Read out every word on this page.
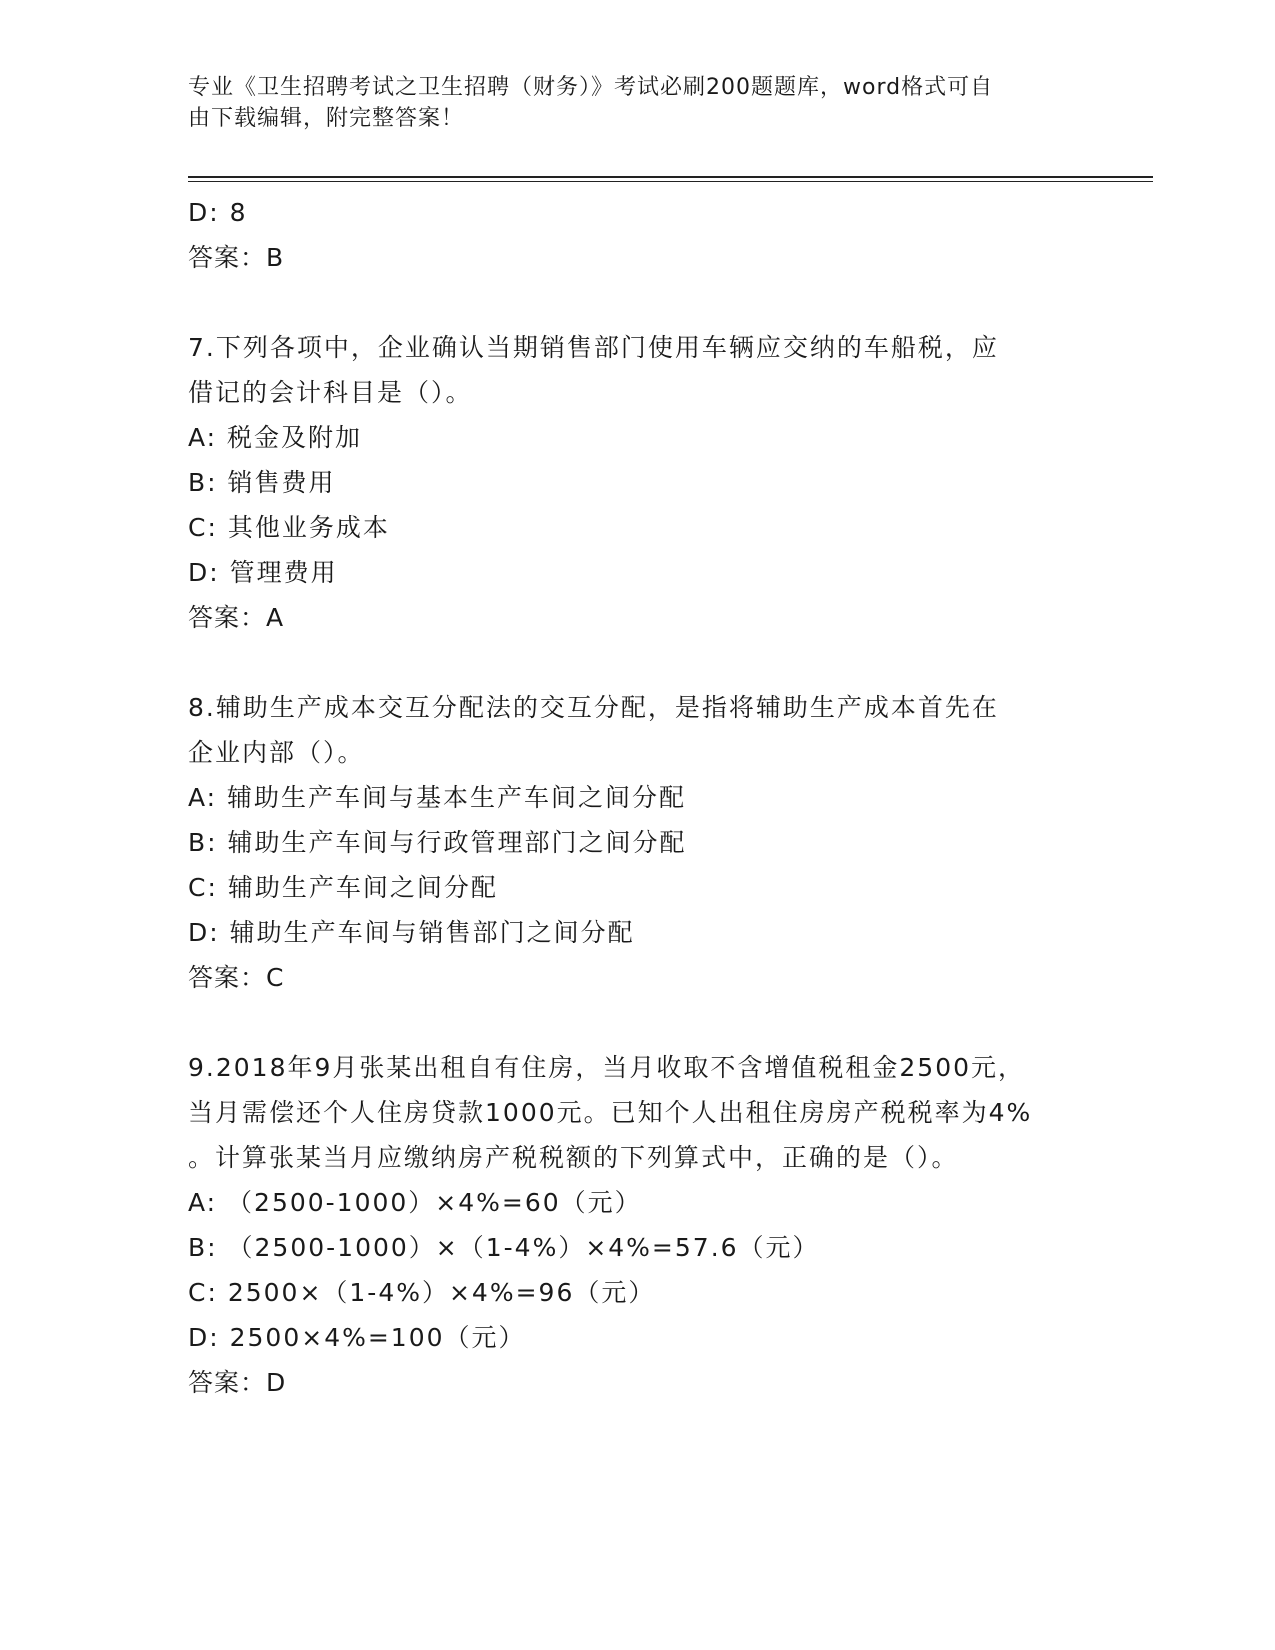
专业《卫生招聘考试之卫生招聘（财务）》考试必刷200题题库，word格式可自
由下载编辑，附完整答案！
D: 8
答案：B
7.下列各项中，企业确认当期销售部门使用车辆应交纳的车船税，应
借记的会计科目是（）。
A: 税金及附加
B: 销售费用
C: 其他业务成本
D: 管理费用
答案：A
8.辅助生产成本交互分配法的交互分配，是指将辅助生产成本首先在
企业内部（）。
A: 辅助生产车间与基本生产车间之间分配
B: 辅助生产车间与行政管理部门之间分配
C: 辅助生产车间之间分配
D: 辅助生产车间与销售部门之间分配
答案：C
9.2018年9月张某出租自有住房，当月收取不含增值税租金2500元，
当月需偿还个人住房贷款1000元。已知个人出租住房房产税税率为4%
。计算张某当月应缴纳房产税税额的下列算式中，正确的是（）。
A: （2500-1000）×4%=60（元）
B: （2500-1000）×（1-4%）×4%=57.6（元）
C: 2500×（1-4%）×4%=96（元）
D: 2500×4%=100（元）
答案：D
